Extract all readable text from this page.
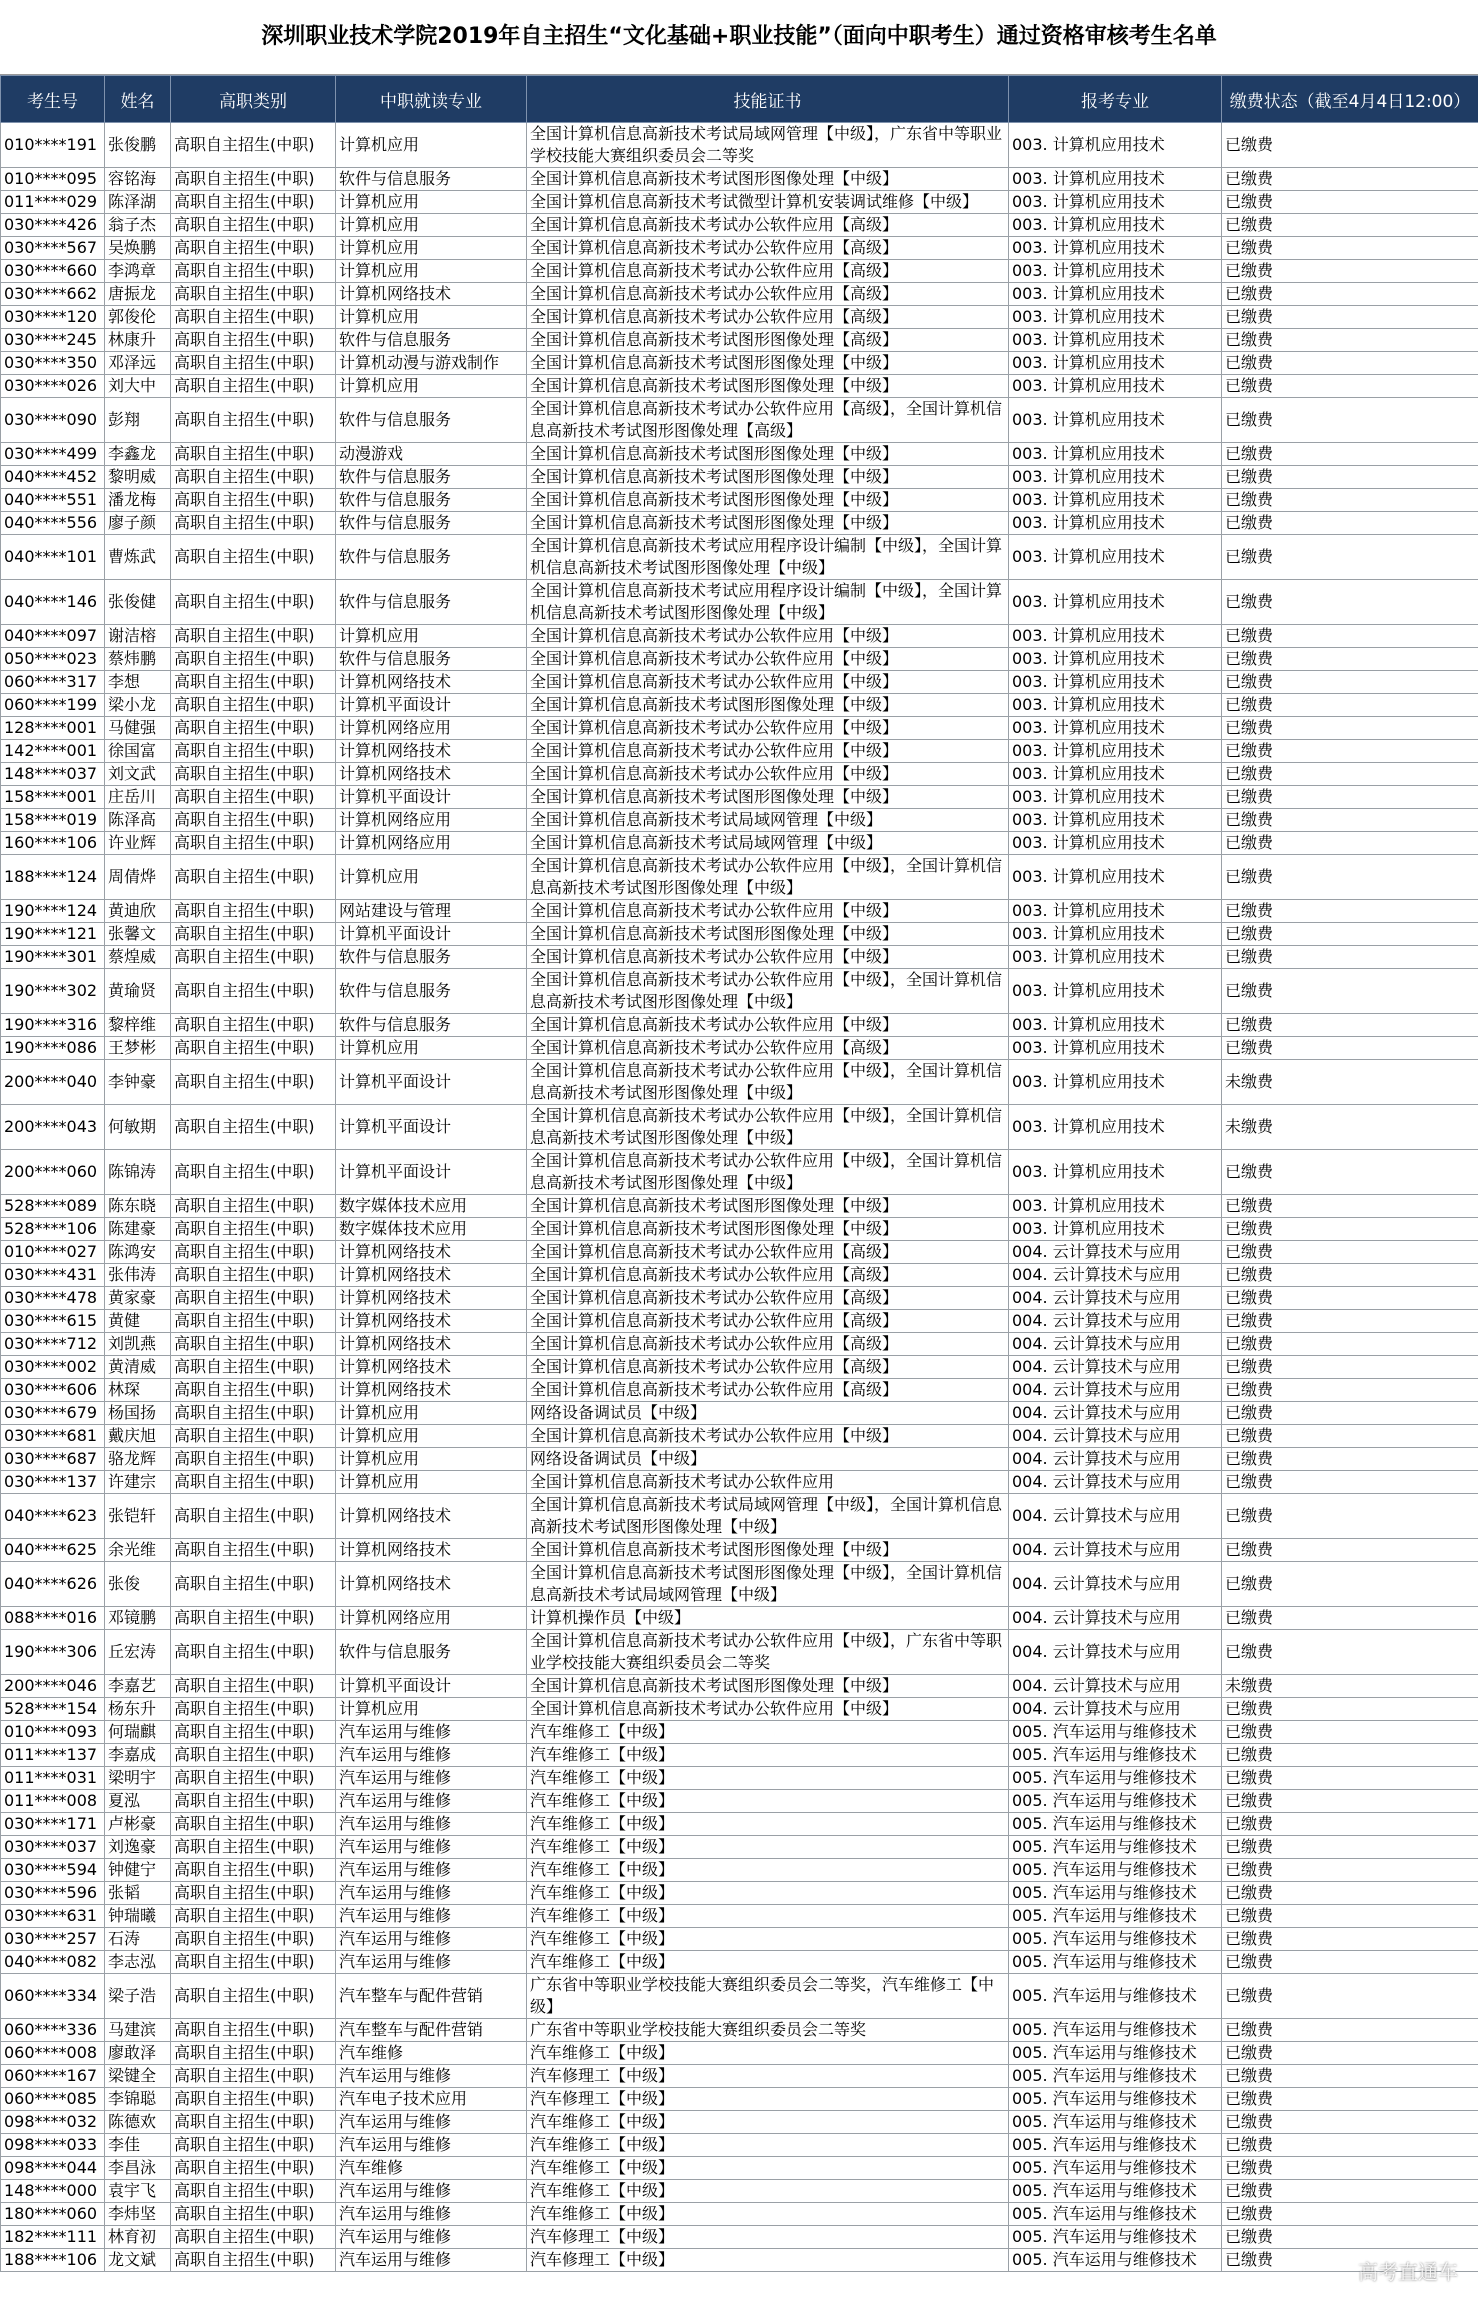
深圳职业技术学院2019年自主招生“文化基础+职业技能”（面向中职考生）通过资格审核考生名单
考生号	姓名	高职类别	中职就读专业	技能证书	报考专业	缴费状态（截至4月4日12:00）
010****191	张俊鹏	高职自主招生(中职)	计算机应用	全国计算机信息高新技术考试局域网管理【中级】，广东省中等职业学校技能大赛组织委员会二等奖	003. 计算机应用技术	已缴费
010****095	容铭海	高职自主招生(中职)	软件与信息服务	全国计算机信息高新技术考试图形图像处理【中级】	003. 计算机应用技术	已缴费
011****029	陈泽湖	高职自主招生(中职)	计算机应用	全国计算机信息高新技术考试微型计算机安装调试维修【中级】	003. 计算机应用技术	已缴费
030****426	翁子杰	高职自主招生(中职)	计算机应用	全国计算机信息高新技术考试办公软件应用【高级】	003. 计算机应用技术	已缴费
030****567	吴焕鹏	高职自主招生(中职)	计算机应用	全国计算机信息高新技术考试办公软件应用【高级】	003. 计算机应用技术	已缴费
030****660	李鸿章	高职自主招生(中职)	计算机应用	全国计算机信息高新技术考试办公软件应用【高级】	003. 计算机应用技术	已缴费
030****662	唐振龙	高职自主招生(中职)	计算机网络技术	全国计算机信息高新技术考试办公软件应用【高级】	003. 计算机应用技术	已缴费
030****120	郭俊伦	高职自主招生(中职)	计算机应用	全国计算机信息高新技术考试办公软件应用【高级】	003. 计算机应用技术	已缴费
030****245	林康升	高职自主招生(中职)	软件与信息服务	全国计算机信息高新技术考试图形图像处理【高级】	003. 计算机应用技术	已缴费
030****350	邓泽远	高职自主招生(中职)	计算机动漫与游戏制作	全国计算机信息高新技术考试图形图像处理【中级】	003. 计算机应用技术	已缴费
030****026	刘大中	高职自主招生(中职)	计算机应用	全国计算机信息高新技术考试图形图像处理【中级】	003. 计算机应用技术	已缴费
030****090	彭翔	高职自主招生(中职)	软件与信息服务	全国计算机信息高新技术考试办公软件应用【高级】，全国计算机信息高新技术考试图形图像处理【高级】	003. 计算机应用技术	已缴费
030****499	李鑫龙	高职自主招生(中职)	动漫游戏	全国计算机信息高新技术考试图形图像处理【中级】	003. 计算机应用技术	已缴费
040****452	黎明威	高职自主招生(中职)	软件与信息服务	全国计算机信息高新技术考试图形图像处理【中级】	003. 计算机应用技术	已缴费
040****551	潘龙梅	高职自主招生(中职)	软件与信息服务	全国计算机信息高新技术考试图形图像处理【中级】	003. 计算机应用技术	已缴费
040****556	廖子颜	高职自主招生(中职)	软件与信息服务	全国计算机信息高新技术考试图形图像处理【中级】	003. 计算机应用技术	已缴费
040****101	曹炼武	高职自主招生(中职)	软件与信息服务	全国计算机信息高新技术考试应用程序设计编制【中级】，全国计算机信息高新技术考试图形图像处理【中级】	003. 计算机应用技术	已缴费
040****146	张俊健	高职自主招生(中职)	软件与信息服务	全国计算机信息高新技术考试应用程序设计编制【中级】，全国计算机信息高新技术考试图形图像处理【中级】	003. 计算机应用技术	已缴费
040****097	谢洁榕	高职自主招生(中职)	计算机应用	全国计算机信息高新技术考试办公软件应用【中级】	003. 计算机应用技术	已缴费
050****023	蔡炜鹏	高职自主招生(中职)	软件与信息服务	全国计算机信息高新技术考试办公软件应用【中级】	003. 计算机应用技术	已缴费
060****317	李想	高职自主招生(中职)	计算机网络技术	全国计算机信息高新技术考试办公软件应用【中级】	003. 计算机应用技术	已缴费
060****199	梁小龙	高职自主招生(中职)	计算机平面设计	全国计算机信息高新技术考试图形图像处理【中级】	003. 计算机应用技术	已缴费
128****001	马健强	高职自主招生(中职)	计算机网络应用	全国计算机信息高新技术考试办公软件应用【中级】	003. 计算机应用技术	已缴费
142****001	徐国富	高职自主招生(中职)	计算机网络技术	全国计算机信息高新技术考试办公软件应用【中级】	003. 计算机应用技术	已缴费
148****037	刘文武	高职自主招生(中职)	计算机网络技术	全国计算机信息高新技术考试办公软件应用【中级】	003. 计算机应用技术	已缴费
158****001	庄岳川	高职自主招生(中职)	计算机平面设计	全国计算机信息高新技术考试图形图像处理【中级】	003. 计算机应用技术	已缴费
158****019	陈泽高	高职自主招生(中职)	计算机网络应用	全国计算机信息高新技术考试局域网管理【中级】	003. 计算机应用技术	已缴费
160****106	许业辉	高职自主招生(中职)	计算机网络应用	全国计算机信息高新技术考试局域网管理【中级】	003. 计算机应用技术	已缴费
188****124	周倩烨	高职自主招生(中职)	计算机应用	全国计算机信息高新技术考试办公软件应用【中级】，全国计算机信息高新技术考试图形图像处理【中级】	003. 计算机应用技术	已缴费
190****124	黄迪欣	高职自主招生(中职)	网站建设与管理	全国计算机信息高新技术考试办公软件应用【中级】	003. 计算机应用技术	已缴费
190****121	张馨文	高职自主招生(中职)	计算机平面设计	全国计算机信息高新技术考试图形图像处理【中级】	003. 计算机应用技术	已缴费
190****301	蔡煌威	高职自主招生(中职)	软件与信息服务	全国计算机信息高新技术考试办公软件应用【中级】	003. 计算机应用技术	已缴费
190****302	黄瑜贤	高职自主招生(中职)	软件与信息服务	全国计算机信息高新技术考试办公软件应用【中级】，全国计算机信息高新技术考试图形图像处理【中级】	003. 计算机应用技术	已缴费
190****316	黎梓维	高职自主招生(中职)	软件与信息服务	全国计算机信息高新技术考试办公软件应用【中级】	003. 计算机应用技术	已缴费
190****086	王梦彬	高职自主招生(中职)	计算机应用	全国计算机信息高新技术考试办公软件应用【高级】	003. 计算机应用技术	已缴费
200****040	李钟豪	高职自主招生(中职)	计算机平面设计	全国计算机信息高新技术考试办公软件应用【中级】，全国计算机信息高新技术考试图形图像处理【中级】	003. 计算机应用技术	未缴费
200****043	何敏期	高职自主招生(中职)	计算机平面设计	全国计算机信息高新技术考试办公软件应用【中级】，全国计算机信息高新技术考试图形图像处理【中级】	003. 计算机应用技术	未缴费
200****060	陈锦涛	高职自主招生(中职)	计算机平面设计	全国计算机信息高新技术考试办公软件应用【中级】，全国计算机信息高新技术考试图形图像处理【中级】	003. 计算机应用技术	已缴费
528****089	陈东晓	高职自主招生(中职)	数字媒体技术应用	全国计算机信息高新技术考试图形图像处理【中级】	003. 计算机应用技术	已缴费
528****106	陈建豪	高职自主招生(中职)	数字媒体技术应用	全国计算机信息高新技术考试图形图像处理【中级】	003. 计算机应用技术	已缴费
010****027	陈鸿安	高职自主招生(中职)	计算机网络技术	全国计算机信息高新技术考试办公软件应用【高级】	004. 云计算技术与应用	已缴费
030****431	张伟涛	高职自主招生(中职)	计算机网络技术	全国计算机信息高新技术考试办公软件应用【高级】	004. 云计算技术与应用	已缴费
030****478	黄家豪	高职自主招生(中职)	计算机网络技术	全国计算机信息高新技术考试办公软件应用【高级】	004. 云计算技术与应用	已缴费
030****615	黄健	高职自主招生(中职)	计算机网络技术	全国计算机信息高新技术考试办公软件应用【高级】	004. 云计算技术与应用	已缴费
030****712	刘凯燕	高职自主招生(中职)	计算机网络技术	全国计算机信息高新技术考试办公软件应用【高级】	004. 云计算技术与应用	已缴费
030****002	黄清威	高职自主招生(中职)	计算机网络技术	全国计算机信息高新技术考试办公软件应用【高级】	004. 云计算技术与应用	已缴费
030****606	林琛	高职自主招生(中职)	计算机网络技术	全国计算机信息高新技术考试办公软件应用【高级】	004. 云计算技术与应用	已缴费
030****679	杨国扬	高职自主招生(中职)	计算机应用	网络设备调试员【中级】	004. 云计算技术与应用	已缴费
030****681	戴庆旭	高职自主招生(中职)	计算机应用	全国计算机信息高新技术考试办公软件应用【中级】	004. 云计算技术与应用	已缴费
030****687	骆龙辉	高职自主招生(中职)	计算机应用	网络设备调试员【中级】	004. 云计算技术与应用	已缴费
030****137	许建宗	高职自主招生(中职)	计算机应用	全国计算机信息高新技术考试办公软件应用	004. 云计算技术与应用	已缴费
040****623	张铠轩	高职自主招生(中职)	计算机网络技术	全国计算机信息高新技术考试局域网管理【中级】，全国计算机信息高新技术考试图形图像处理【中级】	004. 云计算技术与应用	已缴费
040****625	余光维	高职自主招生(中职)	计算机网络技术	全国计算机信息高新技术考试图形图像处理【中级】	004. 云计算技术与应用	已缴费
040****626	张俊	高职自主招生(中职)	计算机网络技术	全国计算机信息高新技术考试图形图像处理【中级】，全国计算机信息高新技术考试局域网管理【中级】	004. 云计算技术与应用	已缴费
088****016	邓镜鹏	高职自主招生(中职)	计算机网络应用	计算机操作员【中级】	004. 云计算技术与应用	已缴费
190****306	丘宏涛	高职自主招生(中职)	软件与信息服务	全国计算机信息高新技术考试办公软件应用【中级】，广东省中等职业学校技能大赛组织委员会二等奖	004. 云计算技术与应用	已缴费
200****046	李嘉艺	高职自主招生(中职)	计算机平面设计	全国计算机信息高新技术考试图形图像处理【中级】	004. 云计算技术与应用	未缴费
528****154	杨东升	高职自主招生(中职)	计算机应用	全国计算机信息高新技术考试办公软件应用【中级】	004. 云计算技术与应用	已缴费
010****093	何瑞麒	高职自主招生(中职)	汽车运用与维修	汽车维修工【中级】	005. 汽车运用与维修技术	已缴费
011****137	李嘉成	高职自主招生(中职)	汽车运用与维修	汽车维修工【中级】	005. 汽车运用与维修技术	已缴费
011****031	梁明宇	高职自主招生(中职)	汽车运用与维修	汽车维修工【中级】	005. 汽车运用与维修技术	已缴费
011****008	夏泓	高职自主招生(中职)	汽车运用与维修	汽车维修工【中级】	005. 汽车运用与维修技术	已缴费
030****171	卢彬豪	高职自主招生(中职)	汽车运用与维修	汽车维修工【中级】	005. 汽车运用与维修技术	已缴费
030****037	刘逸豪	高职自主招生(中职)	汽车运用与维修	汽车维修工【中级】	005. 汽车运用与维修技术	已缴费
030****594	钟健宁	高职自主招生(中职)	汽车运用与维修	汽车维修工【中级】	005. 汽车运用与维修技术	已缴费
030****596	张韬	高职自主招生(中职)	汽车运用与维修	汽车维修工【中级】	005. 汽车运用与维修技术	已缴费
030****631	钟瑞曦	高职自主招生(中职)	汽车运用与维修	汽车维修工【中级】	005. 汽车运用与维修技术	已缴费
030****257	石涛	高职自主招生(中职)	汽车运用与维修	汽车维修工【中级】	005. 汽车运用与维修技术	已缴费
040****082	李志泓	高职自主招生(中职)	汽车运用与维修	汽车维修工【中级】	005. 汽车运用与维修技术	已缴费
060****334	梁子浩	高职自主招生(中职)	汽车整车与配件营销	广东省中等职业学校技能大赛组织委员会二等奖，汽车维修工【中级】	005. 汽车运用与维修技术	已缴费
060****336	马建滨	高职自主招生(中职)	汽车整车与配件营销	广东省中等职业学校技能大赛组织委员会二等奖	005. 汽车运用与维修技术	已缴费
060****008	廖敢泽	高职自主招生(中职)	汽车维修	汽车维修工【中级】	005. 汽车运用与维修技术	已缴费
060****167	梁键全	高职自主招生(中职)	汽车运用与维修	汽车修理工【中级】	005. 汽车运用与维修技术	已缴费
060****085	李锦聪	高职自主招生(中职)	汽车电子技术应用	汽车修理工【中级】	005. 汽车运用与维修技术	已缴费
098****032	陈德欢	高职自主招生(中职)	汽车运用与维修	汽车维修工【中级】	005. 汽车运用与维修技术	已缴费
098****033	李佳	高职自主招生(中职)	汽车运用与维修	汽车维修工【中级】	005. 汽车运用与维修技术	已缴费
098****044	李昌泳	高职自主招生(中职)	汽车维修	汽车维修工【中级】	005. 汽车运用与维修技术	已缴费
148****000	袁宇飞	高职自主招生(中职)	汽车运用与维修	汽车维修工【中级】	005. 汽车运用与维修技术	已缴费
180****060	李炜坚	高职自主招生(中职)	汽车运用与维修	汽车维修工【中级】	005. 汽车运用与维修技术	已缴费
182****111	林育初	高职自主招生(中职)	汽车运用与维修	汽车修理工【中级】	005. 汽车运用与维修技术	已缴费
188****106	龙文斌	高职自主招生(中职)	汽车运用与维修	汽车修理工【中级】	005. 汽车运用与维修技术	已缴费
高考直通车
